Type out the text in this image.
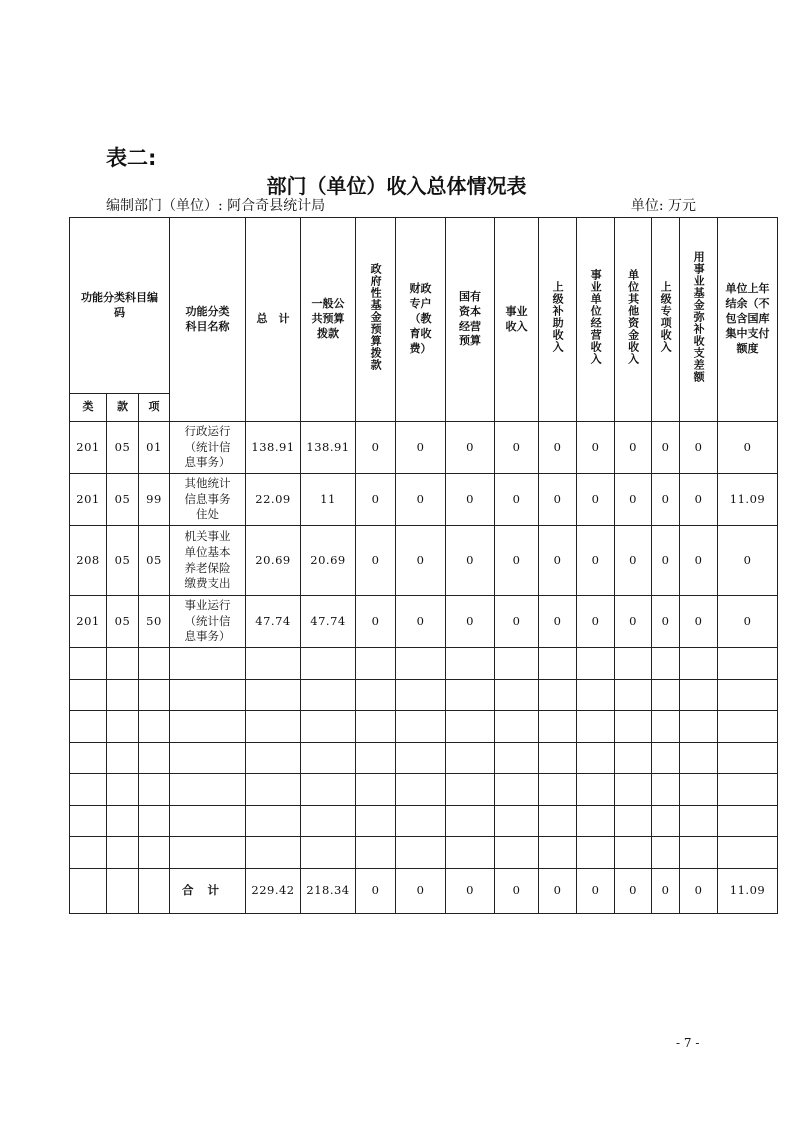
表二:
部门（单位）收入总体情况表
编制部门（单位）: 阿合奇县统计局	单位: 万元
功能分类科目编码			功能分类科目名称	总　计	一般公共预算拨款	政府性基金预算拨款	财政专户（教育收费）	国有资本经营预算	事业收入	上级补助收入	事业单位经营收入	单位其他资金收入	上级专项收入	用事业基金弥补收支差额	单位上年结余（不包含国库集中支付额度
类	款	项													
201	05	01	行政运行
（统计信
息事务）	138.91	138.91	0	0	0	0	0	0	0	0	0	0
201	05	99	其他统计
信息事务
住处	22.09	11	0	0	0	0	0	0	0	0	0	11.09
208	05	05	机关事业
单位基本
养老保险
缴费支出	20.69	20.69	0	0	0	0	0	0	0	0	0	0
201	05	50	事业运行
（统计信
息事务）	47.74	47.74	0	0	0	0	0	0	0	0	0	0

			合计	229.42	218.34	0	0	0	0	0	0	0	0	0	11.09
- 7 -
